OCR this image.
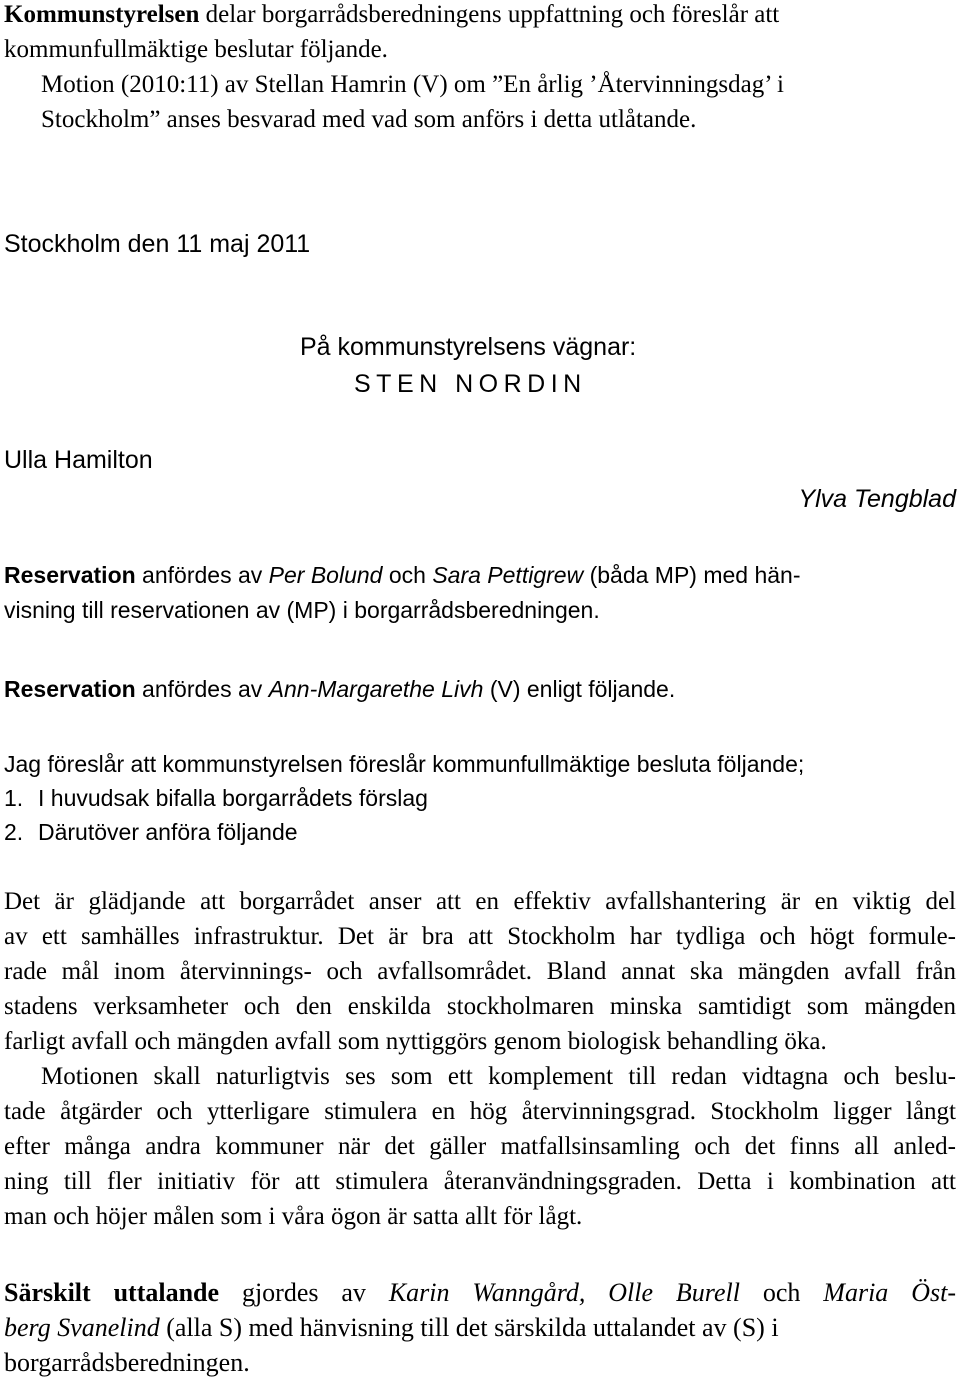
Kommunstyrelsen delar borgarrådsberedningens uppfattning och föreslår att
kommunfullmäktige beslutar följande.
Motion (2010:11) av Stellan Hamrin (V) om ”En årlig ’Återvinningsdag’ i
Stockholm” anses besvarad med vad som anförs i detta utlåtande.
Stockholm den 11 maj 2011
På kommunstyrelsens vägnar:
STEN NORDIN
Ulla Hamilton
Ylva Tengblad
Reservation anfördes av Per Bolund och Sara Pettigrew (båda MP) med hän-
visning till reservationen av (MP) i borgarrådsberedningen.
Reservation anfördes av Ann-Margarethe Livh (V) enligt följande.
Jag föreslår att kommunstyrelsen föreslår kommunfullmäktige besluta följande;
1. I huvudsak bifalla borgarrådets förslag
2. Därutöver anföra följande
Det är glädjande att borgarrådet anser att en effektiv avfallshantering är en viktig del
av ett samhälles infrastruktur. Det är bra att Stockholm har tydliga och högt formule-
rade mål inom återvinnings- och avfallsområdet. Bland annat ska mängden avfall från
stadens verksamheter och den enskilda stockholmaren minska samtidigt som mängden
farligt avfall och mängden avfall som nyttiggörs genom biologisk behandling öka.
Motionen skall naturligtvis ses som ett komplement till redan vidtagna och beslu-
tade åtgärder och ytterligare stimulera en hög återvinningsgrad. Stockholm ligger långt
efter många andra kommuner när det gäller matfallsinsamling och det finns all anled-
ning till fler initiativ för att stimulera återanvändningsgraden. Detta i kombination att
man och höjer målen som i våra ögon är satta allt för lågt.
Särskilt uttalande gjordes av Karin Wanngård, Olle Burell och Maria Öst-
berg Svanelind (alla S) med hänvisning till det särskilda uttalandet av (S) i
borgarrådsberedningen.
